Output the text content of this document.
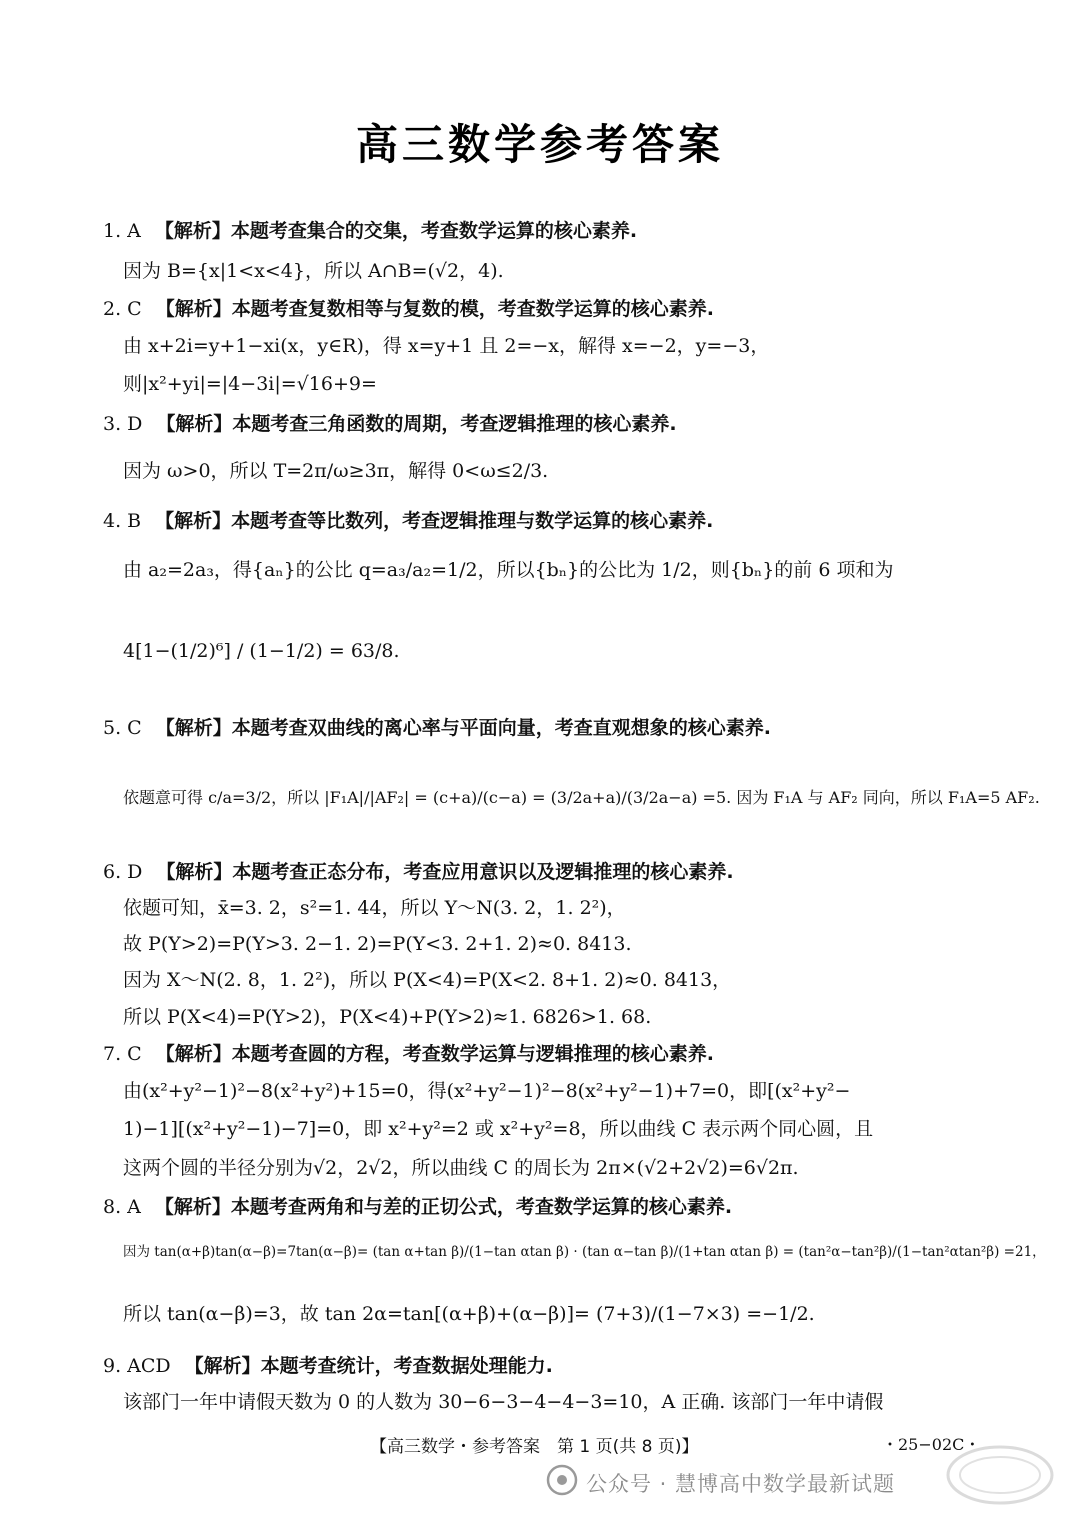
高三数学参考答案
1. A 【解析】本题考查集合的交集，考查数学运算的核心素养.
因为 B={x|1<x<4}，所以 A∩B=(√2，4).
2. C 【解析】本题考查复数相等与复数的模，考查数学运算的核心素养.
由 x+2i=y+1−xi(x，y∈R)，得 x=y+1 且 2=−x，解得 x=−2，y=−3，
则|x²+yi|=|4−3i|=√16+9=
3. D 【解析】本题考查三角函数的周期，考查逻辑推理的核心素养.
因为 ω>0，所以 T=2π/ω≥3π，解得 0<ω≤2/3.
4. B 【解析】本题考查等比数列，考查逻辑推理与数学运算的核心素养.
由 a₂=2a₃，得{aₙ}的公比 q=a₃/a₂=1/2，所以{bₙ}的公比为 1/2，则{bₙ}的前 6 项和为
4[1−(1/2)⁶] / (1−1/2) = 63/8.
5. C 【解析】本题考查双曲线的离心率与平面向量，考查直观想象的核心素养.
依题意可得 c/a=3/2，所以 |F₁A|/|AF₂| = (c+a)/(c−a) = (3/2a+a)/(3/2a−a) =5. 因为 F₁A 与 AF₂ 同向，所以 F₁A=5 AF₂.
6. D 【解析】本题考查正态分布，考查应用意识以及逻辑推理的核心素养.
依题可知，x̄=3. 2，s²=1. 44，所以 Y～N(3. 2，1. 2²)，
故 P(Y>2)=P(Y>3. 2−1. 2)=P(Y<3. 2+1. 2)≈0. 8413.
因为 X～N(2. 8，1. 2²)，所以 P(X<4)=P(X<2. 8+1. 2)≈0. 8413，
所以 P(X<4)=P(Y>2)，P(X<4)+P(Y>2)≈1. 6826>1. 68.
7. C 【解析】本题考查圆的方程，考查数学运算与逻辑推理的核心素养.
由(x²+y²−1)²−8(x²+y²)+15=0，得(x²+y²−1)²−8(x²+y²−1)+7=0，即[(x²+y²−
1)−1][(x²+y²−1)−7]=0，即 x²+y²=2 或 x²+y²=8，所以曲线 C 表示两个同心圆，且
这两个圆的半径分别为√2，2√2，所以曲线 C 的周长为 2π×(√2+2√2)=6√2π.
8. A 【解析】本题考查两角和与差的正切公式，考查数学运算的核心素养.
因为 tan(α+β)tan(α−β)=7tan(α−β)= (tan α+tan β)/(1−tan αtan β) · (tan α−tan β)/(1+tan αtan β) = (tan²α−tan²β)/(1−tan²αtan²β) =21，
所以 tan(α−β)=3，故 tan 2α=tan[(α+β)+(α−β)]= (7+3)/(1−7×3) =−1/2.
9. ACD 【解析】本题考查统计，考查数据处理能力.
该部门一年中请假天数为 0 的人数为 30−6−3−4−4−3=10，A 正确. 该部门一年中请假
【高三数学・参考答案　第 1 页(共 8 页)】	・25−02C・
公众号 · 慧博高中数学最新试题
